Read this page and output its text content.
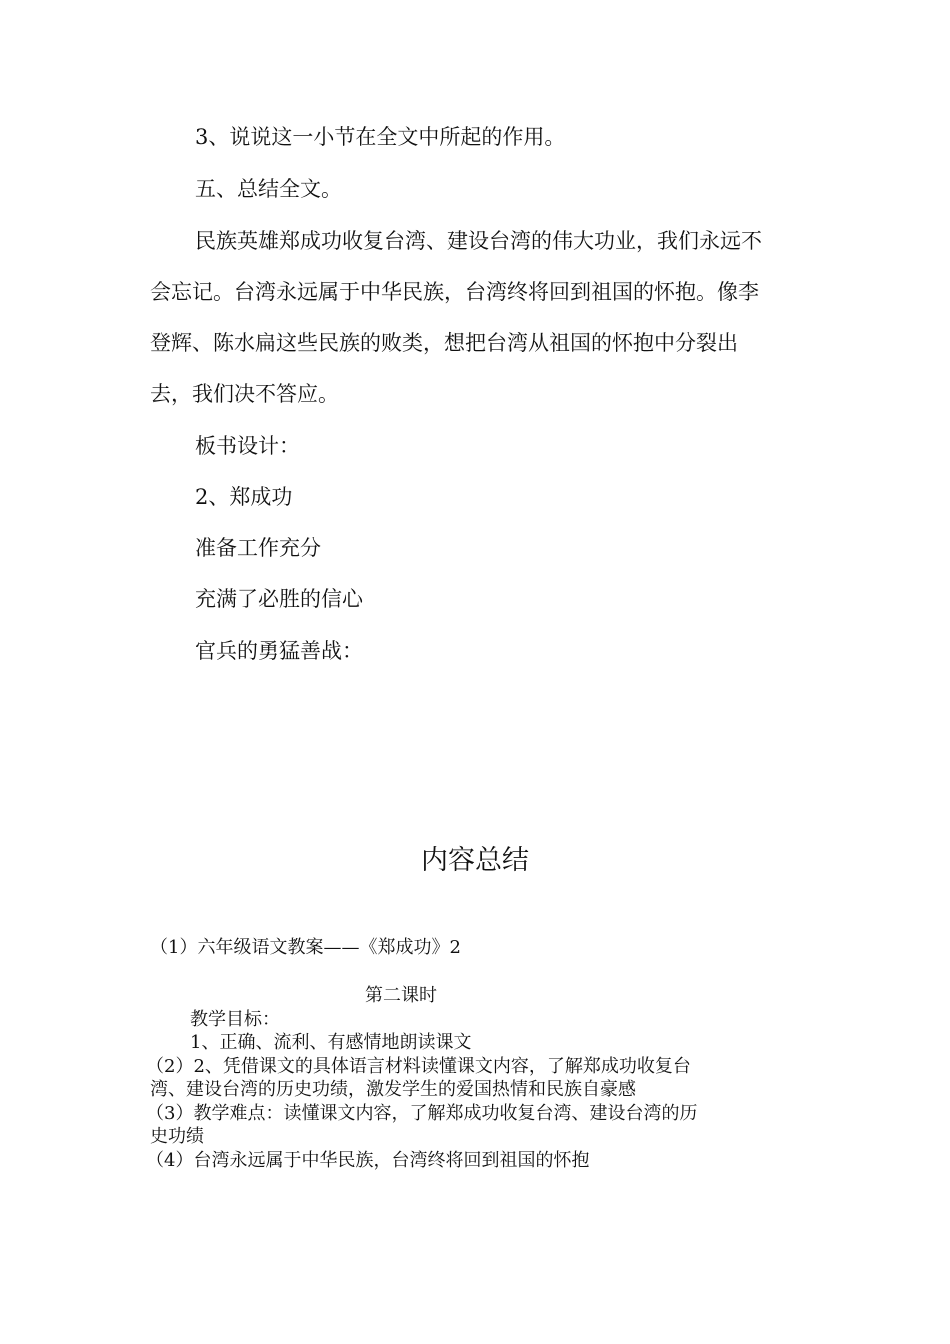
3、说说这一小节在全文中所起的作用。
五、总结全文。
民族英雄郑成功收复台湾、建设台湾的伟大功业，我们永远不
会忘记。台湾永远属于中华民族，台湾终将回到祖国的怀抱。像李
登辉、陈水扁这些民族的败类，想把台湾从祖国的怀抱中分裂出
去，我们决不答应。
板书设计：
2、郑成功
准备工作充分
充满了必胜的信心
官兵的勇猛善战：
内容总结
（1）六年级语文教案——《郑成功》2
第二课时
教学目标：
1、正确、流利、有感情地朗读课文
（2）2、凭借课文的具体语言材料读懂课文内容，了解郑成功收复台
湾、建设台湾的历史功绩，激发学生的爱国热情和民族自豪感
（3）教学难点：读懂课文内容，了解郑成功收复台湾、建设台湾的历
史功绩
（4）台湾永远属于中华民族，台湾终将回到祖国的怀抱
